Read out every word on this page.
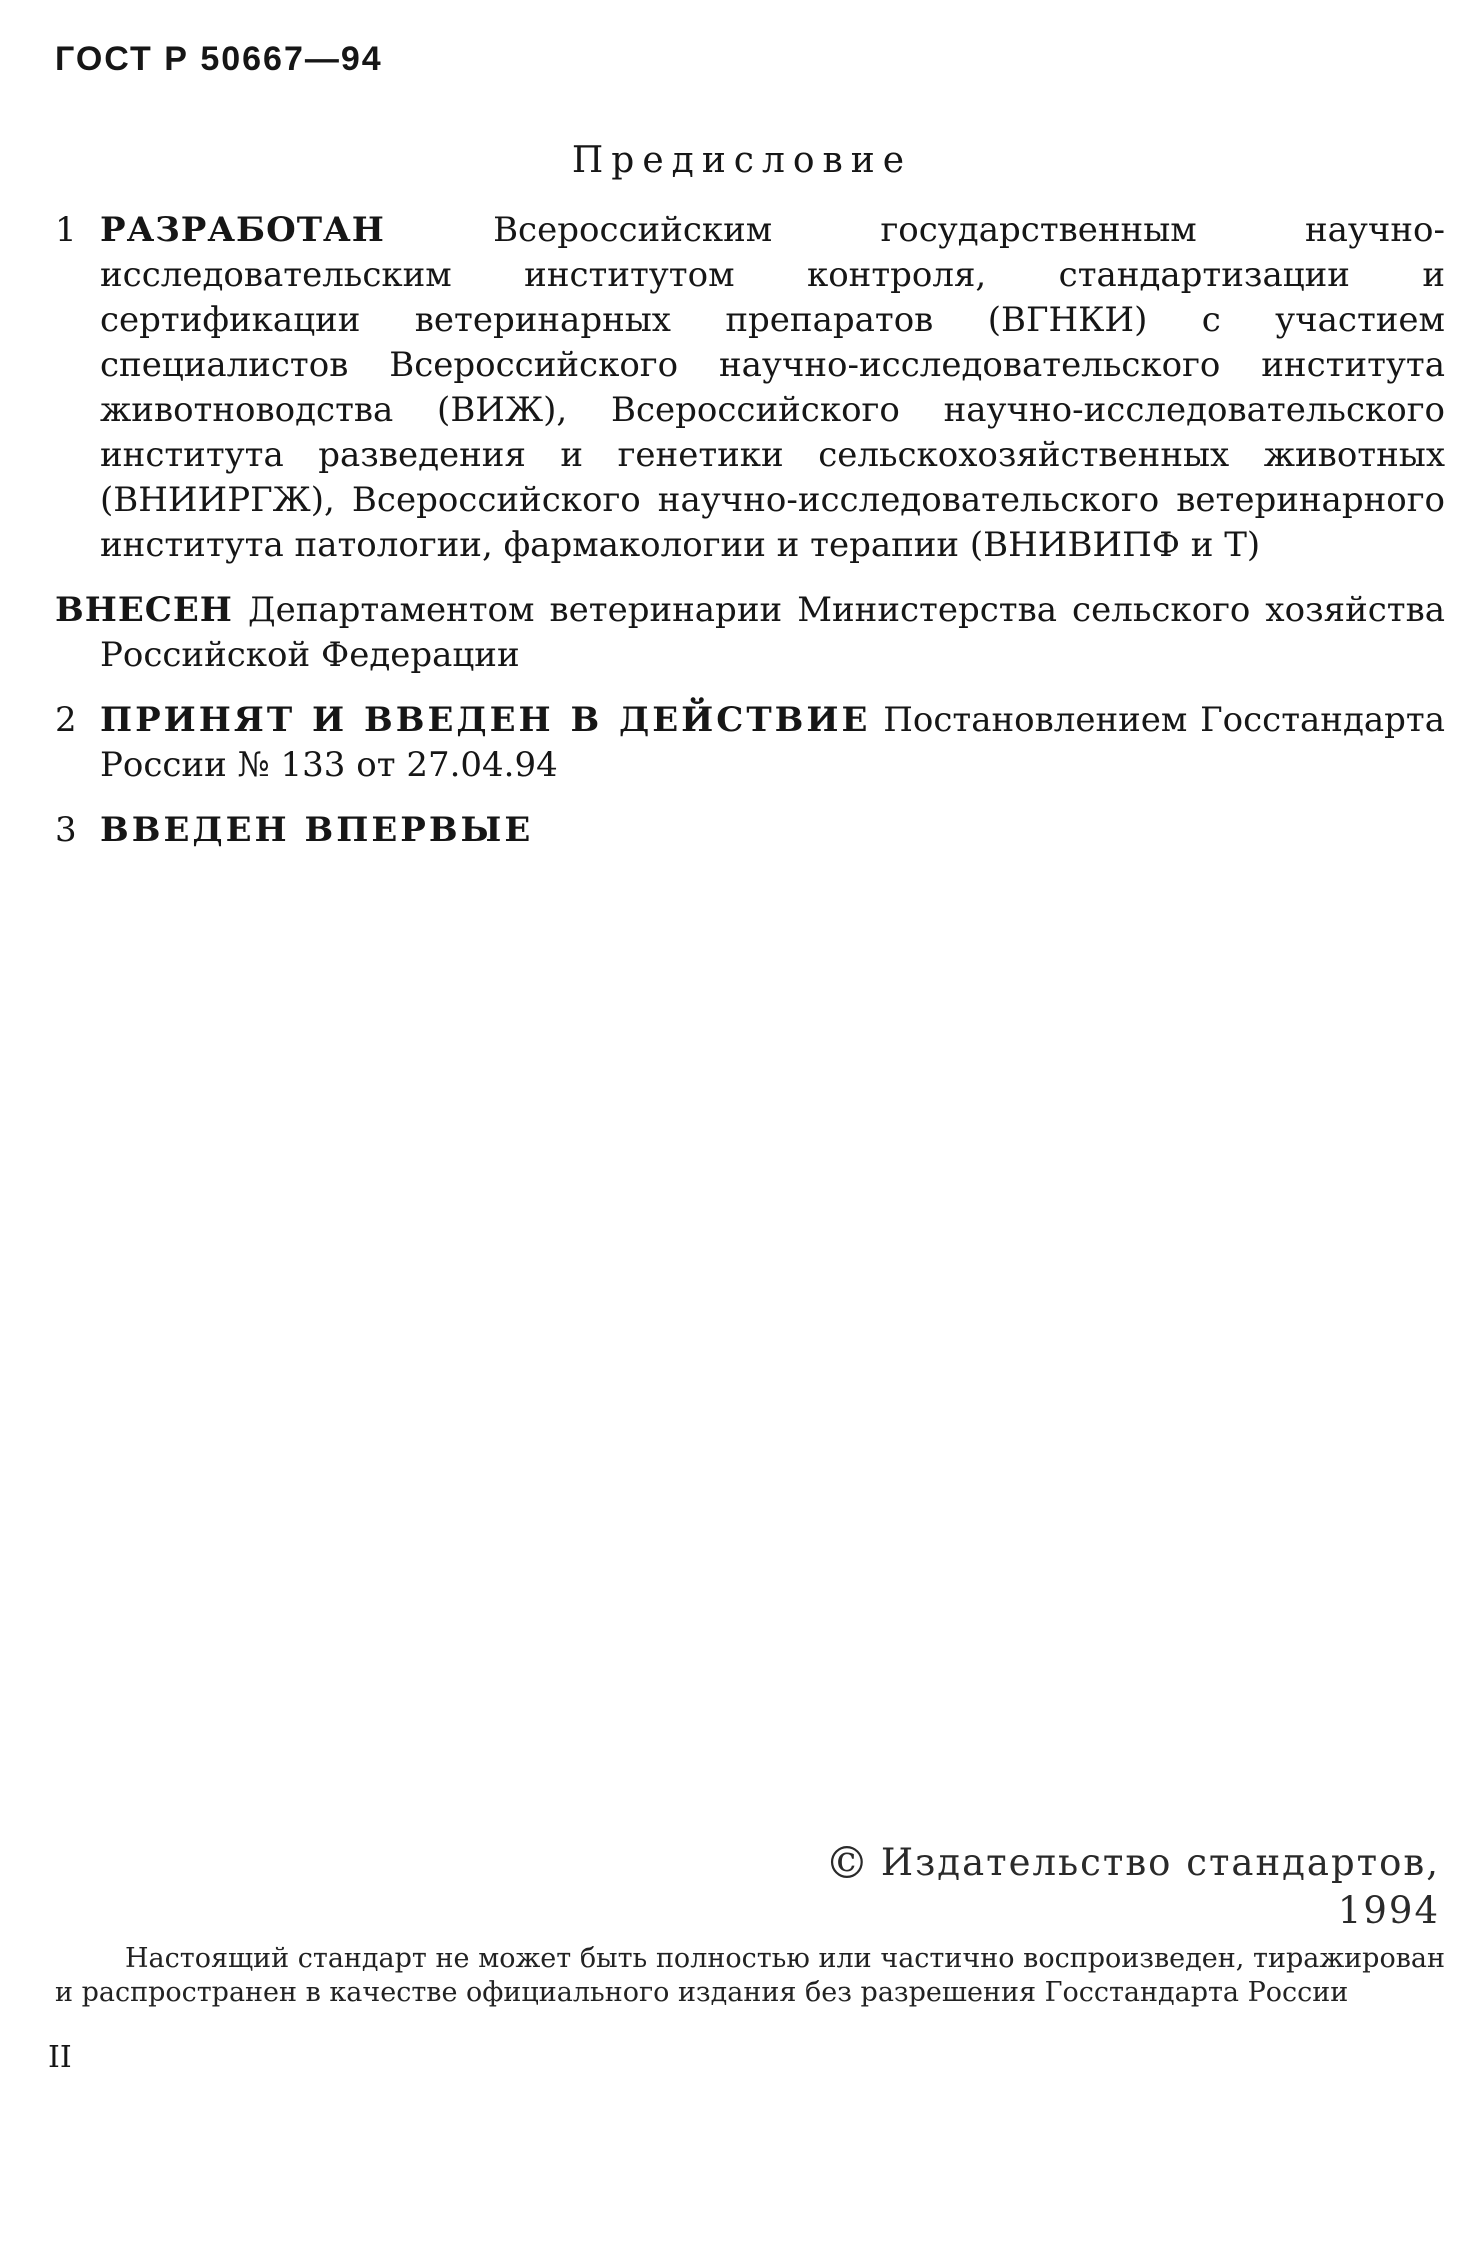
ГОСТ Р 50667—94
Предисловие
1 РАЗРАБОТАН	Всероссийским государственным научно-исследовательским институтом контроля, стандартизации и сертификации ветеринарных препаратов (ВГНКИ) с участием специалистов Всероссийского научно-исследовательского института животноводства (ВИЖ), Всероссийского научно-исследовательского института разведения и генетики сельскохозяйственных животных (ВНИИРГЖ), Всероссийского научно-исследовательского ветеринарного института патологии, фармакологии и терапии (ВНИВИПФ и Т)
ВНЕСЕН Департаментом ветеринарии Министерства сельского хозяйства Российской Федерации
2 ПРИНЯТ И ВВЕДЕН В ДЕЙСТВИЕ Постановлением Госстандарта России № 133 от 27.04.94
3 ВВЕДЕН ВПЕРВЫЕ
© Издательство стандартов, 1994
Настоящий стандарт не может быть полностью или частично воспроизведен, тиражирован и распространен в качестве официального издания без разрешения Госстандарта России
II
